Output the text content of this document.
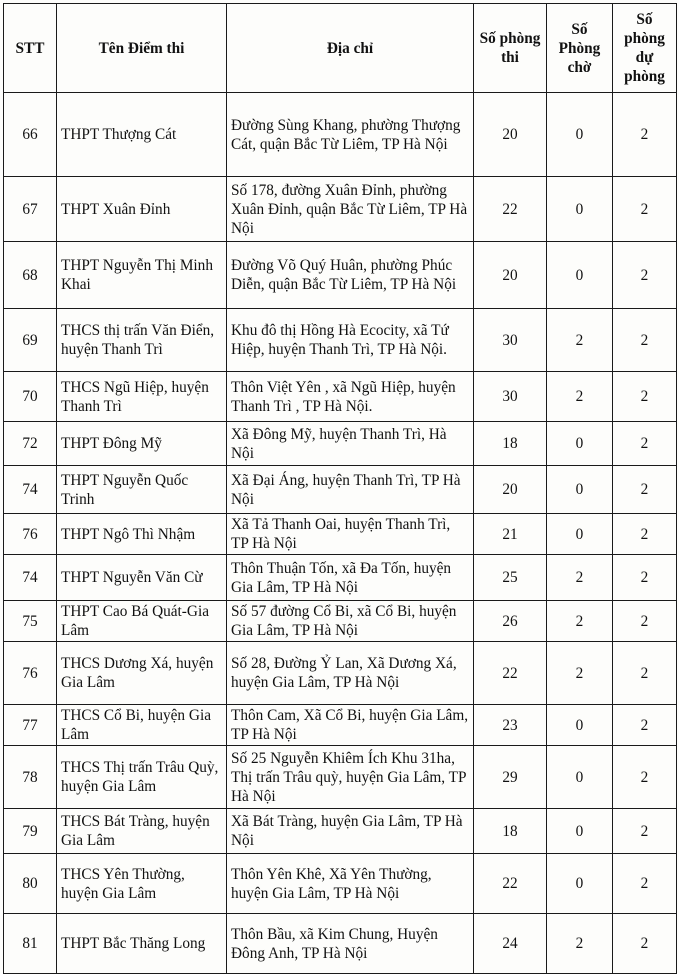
STT	Tên Điểm thi	Địa chỉ	Số phòng thi	Số Phòng chờ	Số phòng dự phòng
66	THPT Thượng Cát	Đường Sùng Khang, phường Thượng Cát, quận Bắc Từ Liêm, TP Hà Nội	20	0	2
67	THPT Xuân Đỉnh	Số 178, đường Xuân Đỉnh, phường Xuân Đỉnh, quận Bắc Từ Liêm, TP Hà Nội	22	0	2
68	THPT Nguyễn Thị Minh Khai	Đường Võ Quý Huân, phường Phúc Diễn, quận Bắc Từ Liêm, TP Hà Nội	20	0	2
69	THCS thị trấn Văn Điển, huyện Thanh Trì	Khu đô thị Hồng Hà Ecocity, xã Tứ Hiệp, huyện Thanh Trì, TP Hà Nội.	30	2	2
70	THCS Ngũ Hiệp, huyện Thanh Trì	Thôn Việt Yên , xã Ngũ Hiệp, huyện Thanh Trì , TP Hà Nội.	30	2	2
72	THPT Đông Mỹ	Xã Đông Mỹ, huyện Thanh Trì, Hà Nội	18	0	2
74	THPT Nguyễn Quốc Trinh	Xã Đại Áng, huyện Thanh Trì, TP Hà Nội	20	0	2
76	THPT Ngô Thì Nhậm	Xã Tả Thanh Oai, huyện Thanh Trì, TP Hà Nội	21	0	2
74	THPT Nguyễn Văn Cừ	Thôn Thuận Tốn, xã Đa Tốn, huyện Gia Lâm, TP Hà Nội	25	2	2
75	THPT Cao Bá Quát-Gia Lâm	Số 57 đường Cổ Bi, xã Cổ Bi, huyện Gia Lâm, TP Hà Nội	26	2	2
76	THCS Dương Xá, huyện Gia Lâm	Số 28, Đường Ỷ Lan, Xã Dương Xá, huyện Gia Lâm, TP Hà Nội	22	2	2
77	THCS Cổ Bi, huyện Gia Lâm	Thôn Cam, Xã Cổ Bi, huyện Gia Lâm, TP Hà Nội	23	0	2
78	THCS Thị trấn Trâu Quỳ, huyện Gia Lâm	Số 25 Nguyễn Khiêm Ích Khu 31ha, Thị trấn Trâu quỳ, huyện Gia Lâm, TP Hà Nội	29	0	2
79	THCS Bát Tràng, huyện Gia Lâm	Xã Bát Tràng, huyện Gia Lâm, TP Hà Nội	18	0	2
80	THCS Yên Thường, huyện Gia Lâm	Thôn Yên Khê, Xã Yên Thường, huyện Gia Lâm, TP Hà Nội	22	0	2
81	THPT Bắc Thăng Long	Thôn Bầu, xã Kim Chung, Huyện Đông Anh, TP Hà Nội	24	2	2
